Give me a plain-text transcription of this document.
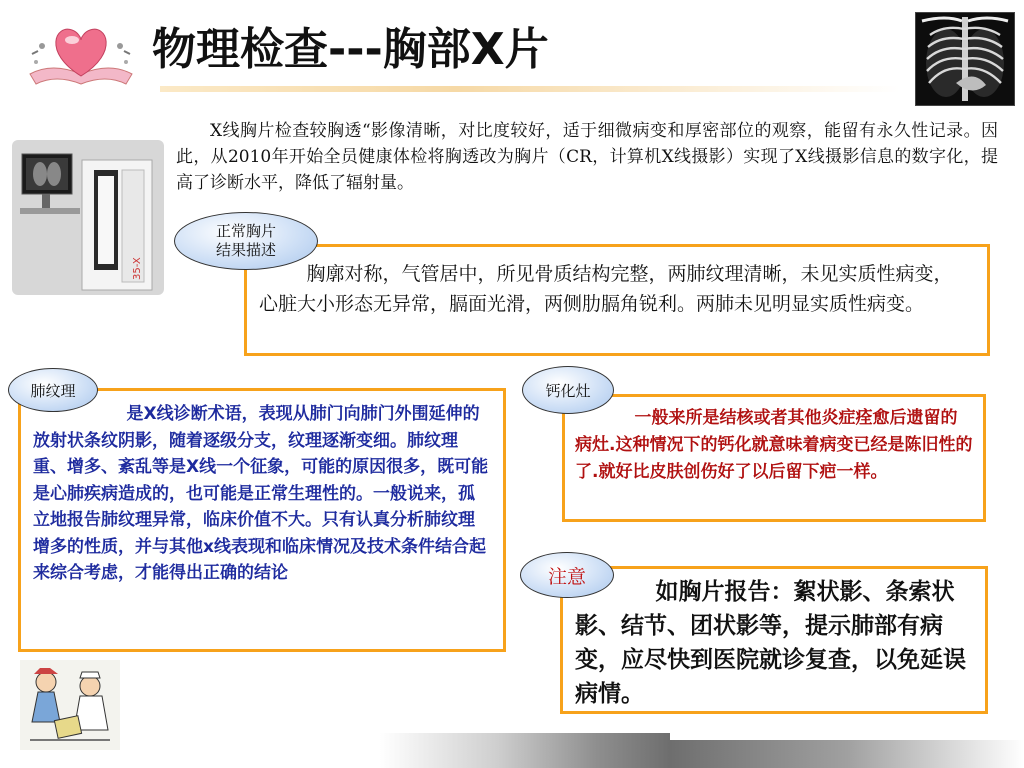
物理检查---胸部X片
X线胸片检查较胸透“影像清晰，对比度较好，适于细微病变和厚密部位的观察，能留有永久性记录。因此，从2010年开始全员健康体检将胸透改为胸片（CR，计算机X线摄影）实现了X线摄影信息的数字化，提高了诊断水平，降低了辐射量。
35-X	胸廓对称，气管居中，所见骨质结构完整，两肺纹理清晰，未见实质性病变，心脏大小形态无异常，膈面光滑，两侧肋膈角锐利。两肺未见明显实质性病变。
正常胸片
结果描述
是X线诊断术语，表现从肺门向肺门外围延伸的放射状条纹阴影，随着逐级分支，纹理逐渐变细。肺纹理重、增多、紊乱等是X线一个征象，可能的原因很多，既可能是心肺疾病造成的，也可能是正常生理性的。一般说来，孤立地报告肺纹理异常，临床价值不大。只有认真分析肺纹理增多的性质，并与其他x线表现和临床情况及技术条件结合起来综合考虑，才能得出正确的结论
肺纹理
一般来所是结核或者其他炎症痊愈后遗留的病灶.这种情况下的钙化就意味着病变已经是陈旧性的了.就好比皮肤创伤好了以后留下疤一样。
钙化灶
如胸片报告：絮状影、条索状影、结节、团状影等，提示肺部有病变，应尽快到医院就诊复查，以免延误病情。
注意
